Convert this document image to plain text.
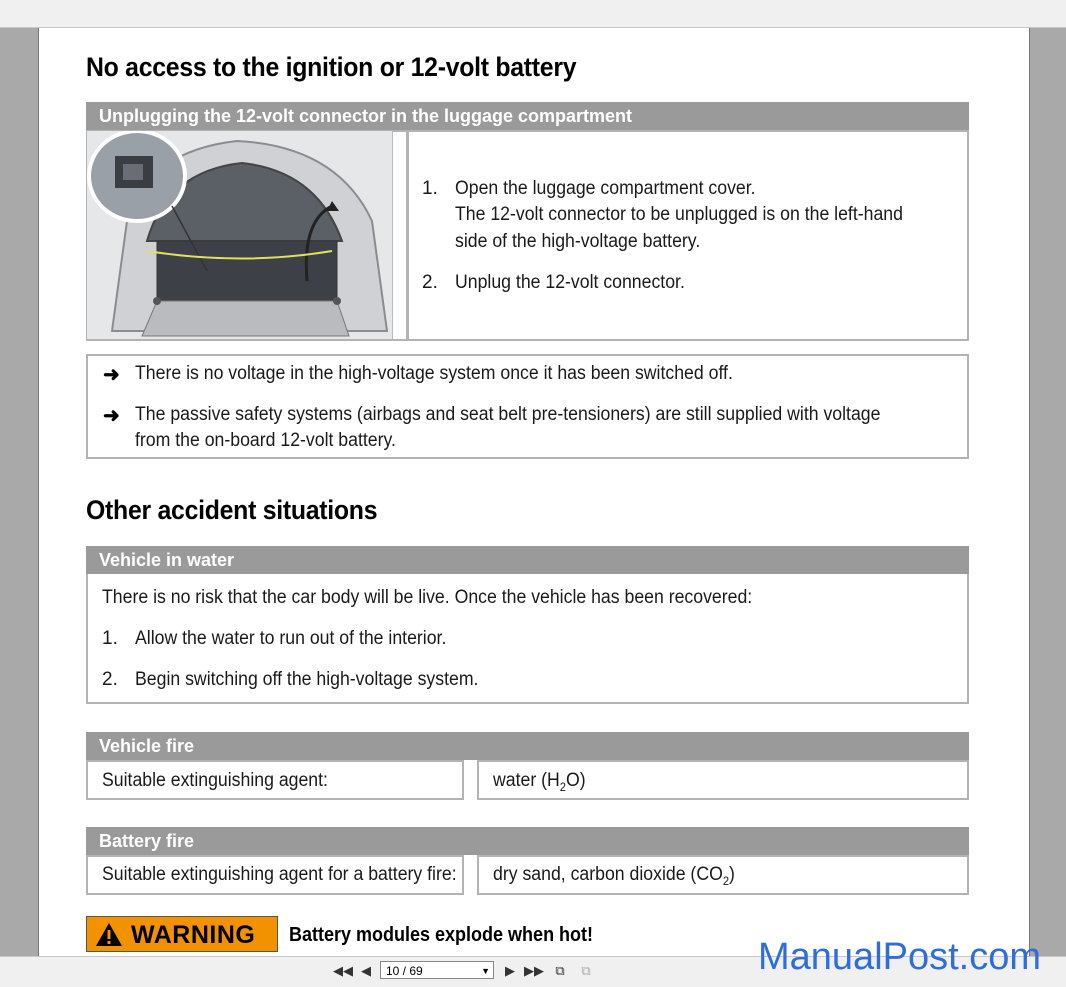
No access to the ignition or 12-volt battery
Unplugging the 12-volt connector in the luggage compartment
1. Open the luggage compartment cover.
The 12-volt connector to be unplugged is on the left-hand
side of the high-voltage battery.
2. Unplug the 12-volt connector.
➜ There is no voltage in the high-voltage system once it has been switched off.
➜ The passive safety systems (airbags and seat belt pre-tensioners) are still supplied with voltage
from the on-board 12-volt battery.
Other accident situations
Vehicle in water
There is no risk that the car body will be live. Once the vehicle has been recovered:
1. Allow the water to run out of the interior.
2. Begin switching off the high-voltage system.
Vehicle fire
Suitable extinguishing agent:	water $(H_2O)$
Battery fire
Suitable extinguishing agent for a battery fire: dry sand, carbon dioxide $(CO_2)$
WARNING Battery modules explode when hot!
◀◀ ◀	10 / 69	▼ ▶ ▶▶ ⧉ ⧉	ManualPost.com
